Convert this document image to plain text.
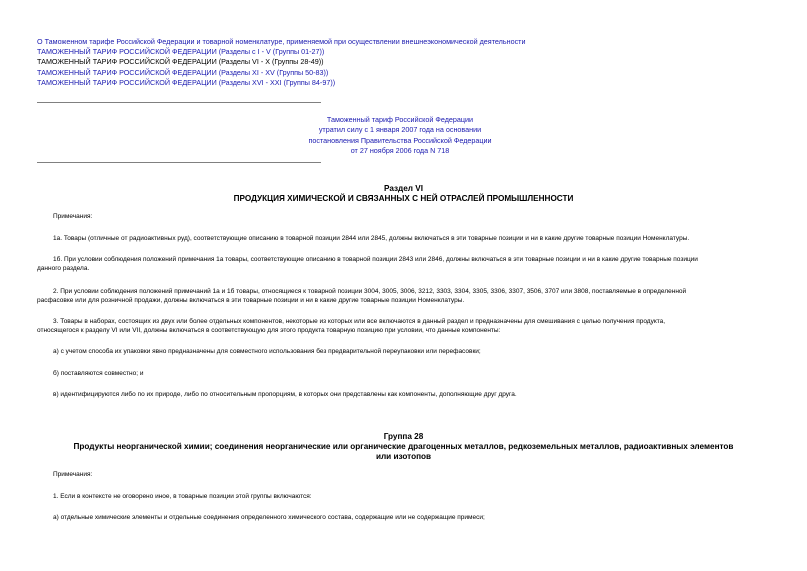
О Таможенном тарифе Российской Федерации и товарной номенклатуре, применяемой при осуществлении внешнеэкономической деятельности
ТАМОЖЕННЫЙ ТАРИФ РОССИЙСКОЙ ФЕДЕРАЦИИ (Разделы с I - V (Группы 01-27))
ТАМОЖЕННЫЙ ТАРИФ РОССИЙСКОЙ ФЕДЕРАЦИИ (Разделы VI - X (Группы 28-49))
ТАМОЖЕННЫЙ ТАРИФ РОССИЙСКОЙ ФЕДЕРАЦИИ (Разделы XI - XV (Группы 50-83))
ТАМОЖЕННЫЙ ТАРИФ РОССИЙСКОЙ ФЕДЕРАЦИИ (Разделы XVI - XXI (Группы 84-97))
Таможенный тариф Российской Федерации
утратил силу с 1 января 2007 года на основании
постановления Правительства Российской Федерации
от 27 ноября 2006 года N 718
Раздел VI
ПРОДУКЦИЯ ХИМИЧЕСКОЙ И СВЯЗАННЫХ С НЕЙ ОТРАСЛЕЙ ПРОМЫШЛЕННОСТИ
Примечания:
1а. Товары (отличные от радиоактивных руд), соответствующие описанию в товарной позиции 2844 или 2845, должны включаться в эти товарные позиции и ни в какие другие товарные позиции Номенклатуры.
1б. При условии соблюдения положений примечания 1а товары, соответствующие описанию в товарной позиции 2843 или 2846, должны включаться в эти товарные позиции и ни в какие другие товарные позиции
данного раздела.
2. При условии соблюдения положений примечаний 1а и 1б товары, относящиеся к товарной позиции 3004, 3005, 3006, 3212, 3303, 3304, 3305, 3306, 3307, 3506, 3707 или 3808, поставляемые в определенной
расфасовке или для розничной продажи, должны включаться в эти товарные позиции и ни в какие другие товарные позиции Номенклатуры.
3. Товары в наборах, состоящих из двух или более отдельных компонентов, некоторые из которых или все включаются в данный раздел и предназначены для смешивания с целью получения продукта,
относящегося к разделу VI или VII, должны включаться в соответствующую для этого продукта товарную позицию при условии, что данные компоненты:
а) с учетом способа их упаковки явно предназначены для совместного использования без предварительной переупаковки или перефасовки;
б) поставляются совместно; и
в) идентифицируются либо по их природе, либо по относительным пропорциям, в которых они представлены как компоненты, дополняющие друг друга.
Группа 28
Продукты неорганической химии; соединения неорганические или органические драгоценных металлов, редкоземельных металлов, радиоактивных элементов
или изотопов
Примечания:
1. Если в контексте не оговорено иное, в товарные позиции этой группы включаются:
а) отдельные химические элементы и отдельные соединения определенного химического состава, содержащие или не содержащие примеси;
